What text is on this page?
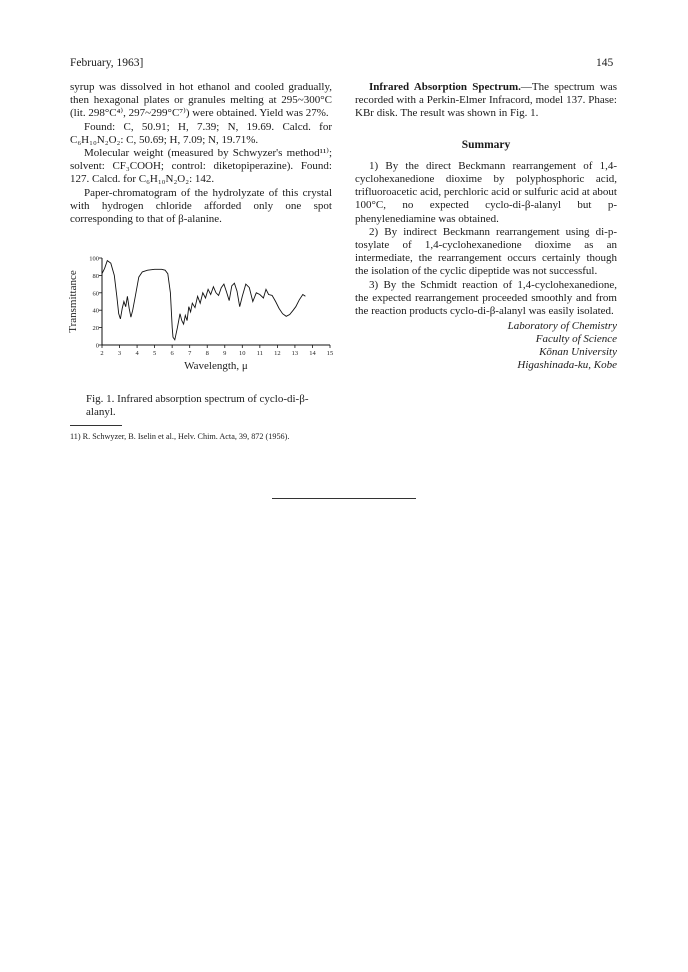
February, 1963]	145

syrup was dissolved in hot ethanol and cooled gradually, then hexagonal plates or granules melting at 295~300°C (lit. 298°C⁴⁾, 297~299°C⁷⁾) were obtained. Yield was 27%.

Found: C, 50.91; H, 7.39; N, 19.69. Calcd. for C₆H₁₀N₂O₂: C, 50.69; H, 7.09; N, 19.71%.

Molecular weight (measured by Schwyzer's method¹¹⁾; solvent: CF₃COOH; control: diketopiperazine). Found: 127. Calcd. for C₆H₁₀N₂O₂: 142.

Paper-chromatogram of the hydrolyzate of this crystal with hydrogen chloride afforded only one spot corresponding to that of β-alanine.

0
20
40
60
80
100
2 3 4 5 6 7 8 9 10 11 12 13 14 15
Transmittance
Wavelength, μ
Fig. 1. Infrared absorption spectrum of cyclo-di-β-alanyl.
11) R. Schwyzer, B. Iselin et al., Helv. Chim. Acta, 39, 872 (1956).

Infrared Absorption Spectrum.—The spectrum was recorded with a Perkin-Elmer Infracord, model 137. Phase: KBr disk. The result was shown in Fig. 1.

Summary

1) By the direct Beckmann rearrangement of 1,4-cyclohexanedione dioxime by polyphosphoric acid, trifluoroacetic acid, perchloric acid or sulfuric acid at about 100°C, no expected cyclo-di-β-alanyl but p-phenylenediamine was obtained.

2) By indirect Beckmann rearrangement using di-p-tosylate of 1,4-cyclohexanedione dioxime as an intermediate, the rearrangement occurs certainly though the isolation of the cyclic dipeptide was not successful.

3) By the Schmidt reaction of 1,4-cyclohexanedione, the expected rearrangement proceeded smoothly and from the reaction products cyclo-di-β-alanyl was easily isolated.

Laboratory of Chemistry
Faculty of Science
Kōnan University
Higashinada-ku, Kobe
